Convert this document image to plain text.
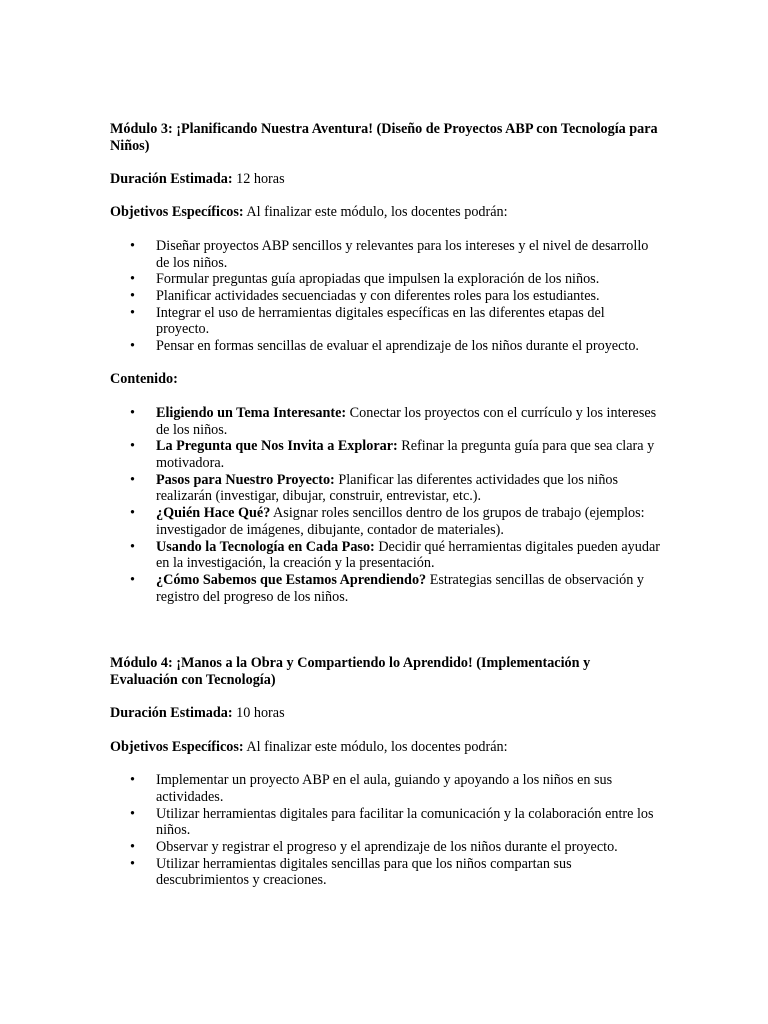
Módulo 3: ¡Planificando Nuestra Aventura! (Diseño de Proyectos ABP con Tecnología para Niños)

Duración Estimada: 12 horas

Objetivos Específicos: Al finalizar este módulo, los docentes podrán:

• Diseñar proyectos ABP sencillos y relevantes para los intereses y el nivel de desarrollo de los niños.
• Formular preguntas guía apropiadas que impulsen la exploración de los niños.
• Planificar actividades secuenciadas y con diferentes roles para los estudiantes.
• Integrar el uso de herramientas digitales específicas en las diferentes etapas del proyecto.
• Pensar en formas sencillas de evaluar el aprendizaje de los niños durante el proyecto.

Contenido:

• Eligiendo un Tema Interesante: Conectar los proyectos con el currículo y los intereses de los niños.
• La Pregunta que Nos Invita a Explorar: Refinar la pregunta guía para que sea clara y motivadora.
• Pasos para Nuestro Proyecto: Planificar las diferentes actividades que los niños realizarán (investigar, dibujar, construir, entrevistar, etc.).
• ¿Quién Hace Qué? Asignar roles sencillos dentro de los grupos de trabajo (ejemplos: investigador de imágenes, dibujante, contador de materiales).
• Usando la Tecnología en Cada Paso: Decidir qué herramientas digitales pueden ayudar en la investigación, la creación y la presentación.
• ¿Cómo Sabemos que Estamos Aprendiendo? Estrategias sencillas de observación y registro del progreso de los niños.

Módulo 4: ¡Manos a la Obra y Compartiendo lo Aprendido! (Implementación y Evaluación con Tecnología)

Duración Estimada: 10 horas

Objetivos Específicos: Al finalizar este módulo, los docentes podrán:

• Implementar un proyecto ABP en el aula, guiando y apoyando a los niños en sus actividades.
• Utilizar herramientas digitales para facilitar la comunicación y la colaboración entre los niños.
• Observar y registrar el progreso y el aprendizaje de los niños durante el proyecto.
• Utilizar herramientas digitales sencillas para que los niños compartan sus descubrimientos y creaciones.
